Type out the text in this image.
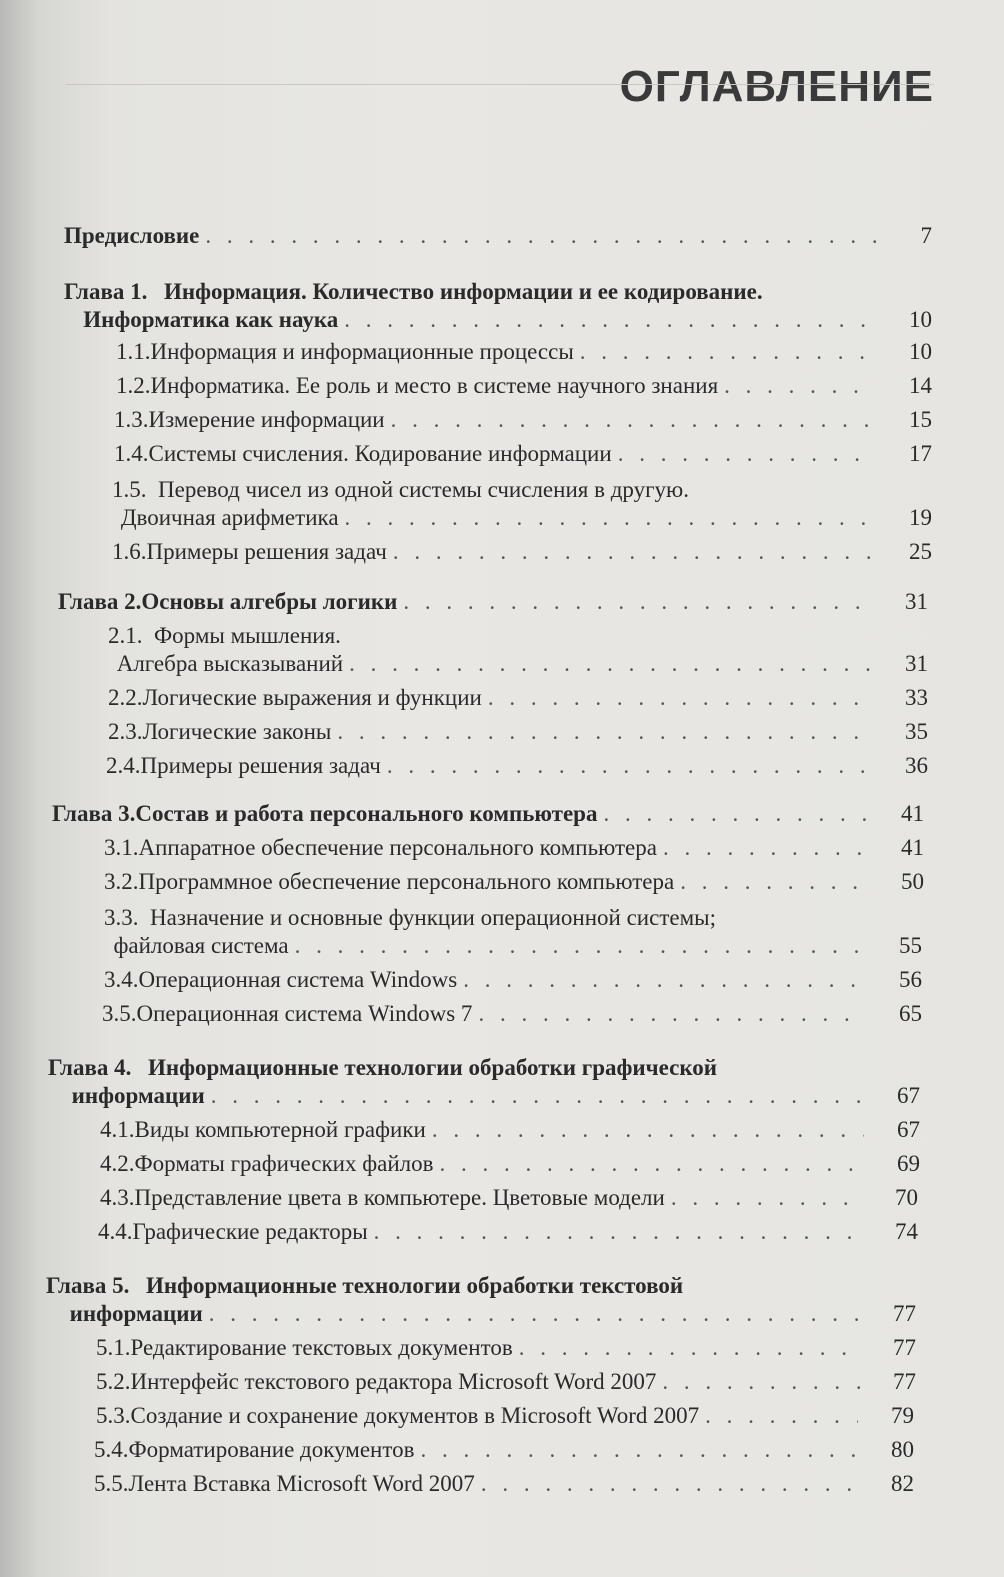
ОГЛАВЛЕНИЕ
Предисловие . . .	7
Глава 1. Информация. Количество информации и ее кодирование.
Информатика как наука . . .	10
1.1. Информация и информационные процессы . . .	10
1.2. Информатика. Ее роль и место в системе научного знания . . .	14
1.3. Измерение информации . . .	15
1.4. Системы счисления. Кодирование информации . . .	17
1.5. Перевод чисел из одной системы счисления в другую.
Двоичная арифметика . . .	19
1.6. Примеры решения задач . . .	25
Глава 2. Основы алгебры логики . . .	31
2.1. Формы мышления.
Алгебра высказываний . . .	31
2.2. Логические выражения и функции . . .	33
2.3. Логические законы . . .	35
2.4. Примеры решения задач . . .	36
Глава 3. Состав и работа персонального компьютера . . .	41
3.1. Аппаратное обеспечение персонального компьютера . . .	41
3.2. Программное обеспечение персонального компьютера . . .	50
3.3. Назначение и основные функции операционной системы;
файловая система . . .	55
3.4. Операционная система Windows . . .	56
3.5. Операционная система Windows 7 . . .	65
Глава 4. Информационные технологии обработки графической
информации . . .	67
4.1. Виды компьютерной графики . . .	67
4.2. Форматы графических файлов . . .	69
4.3. Представление цвета в компьютере. Цветовые модели . . .	70
4.4. Графические редакторы . . .	74
Глава 5. Информационные технологии обработки текстовой
информации . . .	77
5.1. Редактирование текстовых документов . . .	77
5.2. Интерфейс текстового редактора Microsoft Word 2007 . . .	77
5.3. Создание и сохранение документов в Microsoft Word 2007 . . .	79
5.4. Форматирование документов . . .	80
5.5. Лента Вставка Microsoft Word 2007 . . .	82
